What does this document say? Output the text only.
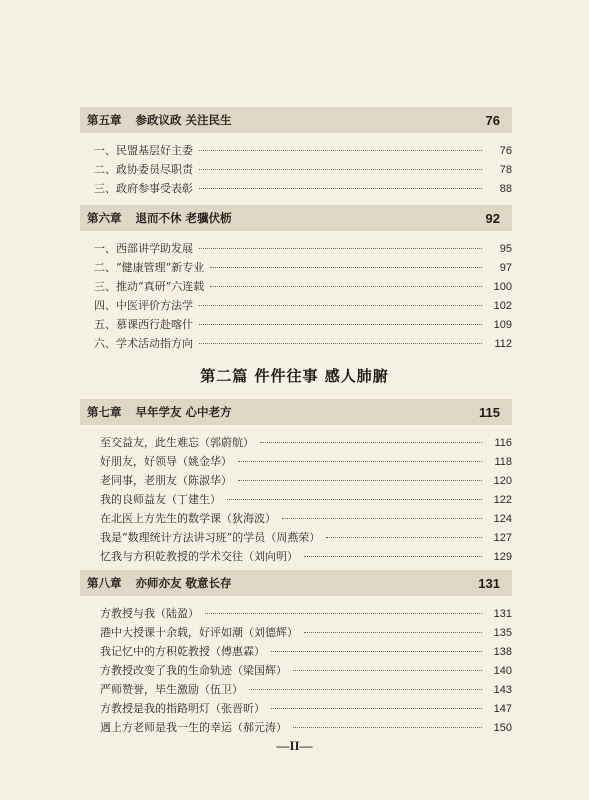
第五章 参政议政 关注民生	76
一、民盟基层好主委	76
二、政协委员尽职责	78
三、政府参事受表彰	88
第六章 退而不休 老骥伏枥	92
一、西部讲学助发展	95
二、“健康管理”新专业	97
三、推动“真研”六连载	100
四、中医评价方法学	102
五、慕课西行赴喀什	109
六、学术活动指方向	112
第二篇 件件往事 感人肺腑
第七章 早年学友 心中老方	115
至交益友，此生难忘（郭蔚航）	116
好朋友，好领导（姚金华）	118
老同事，老朋友（陈淑华）	120
我的良师益友（丁建生）	122
在北医上方先生的数学课（狄海波）	124
我是“数理统计方法讲习班”的学员（周燕荣）	127
忆我与方积乾教授的学术交往（刘向明）	129
第八章 亦师亦友 敬意长存	131
方教授与我（陆盈）	131
港中大授课十余载，好评如潮（刘德辉）	135
我记忆中的方积乾教授（傅惠霖）	138
方教授改变了我的生命轨迹（梁国辉）	140
严师赞誉，毕生激励（伍卫）	143
方教授是我的指路明灯（张晋昕）	147
遇上方老师是我一生的幸运（郝元涛）	150
—II—
